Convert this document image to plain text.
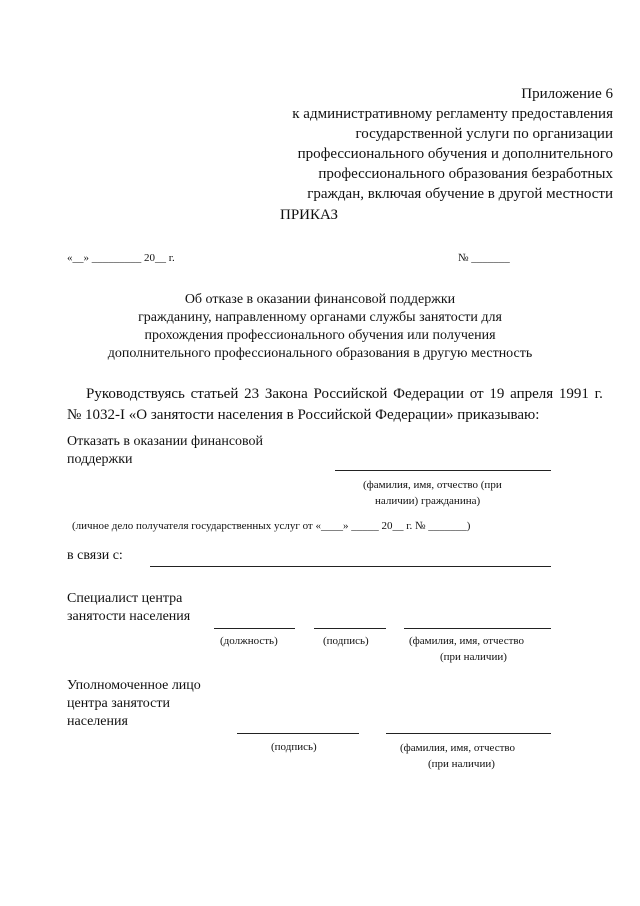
Приложение 6
к административному регламенту предоставления
государственной услуги по организации
профессионального обучения и дополнительного
профессионального образования безработных
граждан, включая обучение в другой местности
ПРИКАЗ
«__» _________ 20__ г.	№ _______
Об отказе в оказании финансовой поддержки
гражданину, направленному органами службы занятости для
прохождения профессионального обучения или получения
дополнительного профессионального образования в другую местность
Руководствуясь статьей 23 Закона Российской Федерации от 19 апреля 1991 г.
№ 1032-I «О занятости населения в Российской Федерации» приказываю:
Отказать в оказании финансовой
поддержки
(фамилия, имя, отчество (при
наличии) гражданина)
(личное дело получателя государственных услуг от «____» _____ 20__ г. № _______)
в связи с:
Специалист центра
занятости населения
(должность)	(подпись)	(фамилия, имя, отчество
(при наличии)
Уполномоченное лицо
центра занятости
населения
(подпись)	(фамилия, имя, отчество
(при наличии)
